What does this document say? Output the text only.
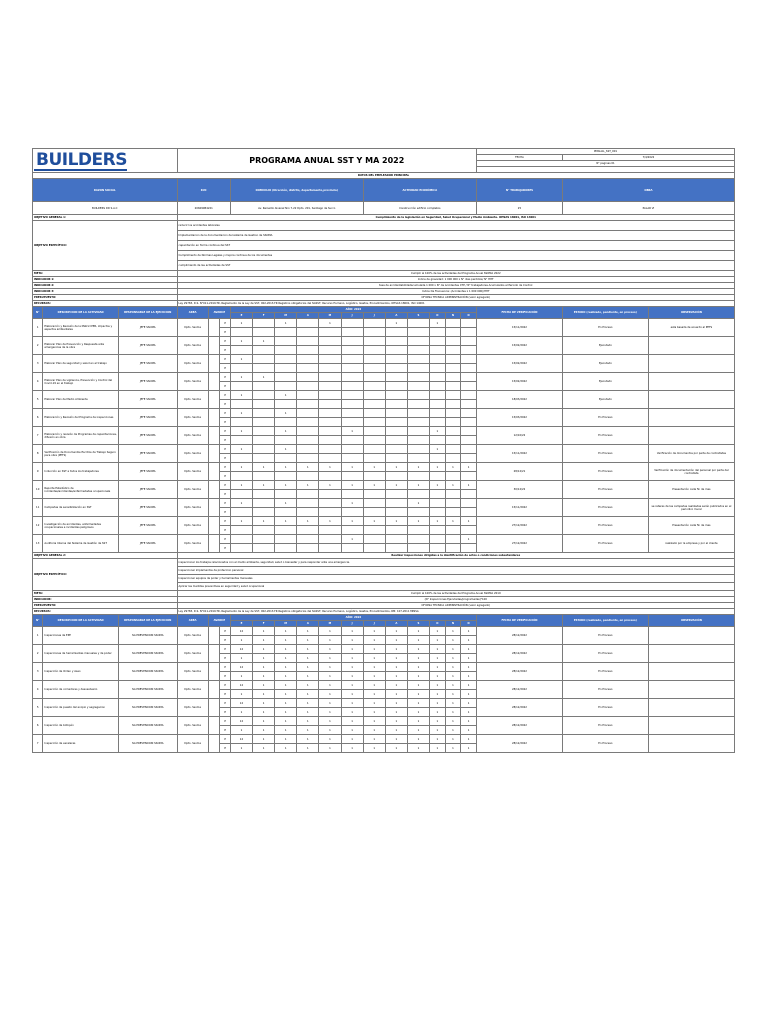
BUILDERS			PROGRAMA ANUAL SST Y MA 2022															PMAUAL_SST_001		
																		FECHA	7/4/2022	
																		N° paginas 01		

DATOS DEL EMPLEADOR PRINCIPAL																				
RAZON SOCIAL			RUC			DOMICILIO (Dirección, distrito, departamento,provincia)						ACTIVIDAD ECONÓMICA						N° TRABAJADORES	OBRA	
BUILDERS DD S.A.C			20609984221			Av. Reinaldo Alvarez Nro 7-22 Dpto. 201, Santiago de Surco						Construcción edificio completos						25	PALAR VI	
OBJETIVO GENERAL 1:			Cumplimiento de la legislación en Seguridad, Salud Ocupacional y Medio Ambiente. OHSAS 18001, ISO 14001																	
OBJETIVO ESPECÍFICO:			reducir los accidentes laborales																	
			Implementacion de la documentacion del sistema de Gestion de SSOMA																	
			capacitación en forma continua del SST																	
			Cumplimiento de Normas Legales y mejora continua de los documentes																	
			cumplimiento de las actividades de SST																	
META:			Cumplir al 100% de las actividades del Programa Anual SSOMA 2022																	
INDICADOR 1:			Indice de gravedad: 1 000 000 x N° dias perdidos/ N° HHT																	
INDICADOR 2:			tasa de accidentabilidadacumulada 1 000 x N° de Accidentes CTP / N° trabajadores Acumulados al Periodo de Control																	
INDICADOR 3:			Indice De Frecuencia: (Accidentes x 1 000 000)/HHT																	
PRESUPUESTO:			OFICINA TECNICA ADMINISTRACIÓN (valor agregado)																	
RECURSOS:			Ley 29783, D.S. N°011-2019-TR, Reglamento de la Ley de SST, 002-2013-TR Registros obligatorios del SGSST; Recurso Humano, Logístico, Gastos, Procedimientos, OHSAS 18001, ISO 14001																	
N°	DESCRIPCION DE LA ACTIVIDAD	RESPONSABLE DE LA EJECUCION	AREA	AVANCE		AÑO: 2022												FECHA DE VERIFICACIÓN	ESTADO (realizado, pendiente, en proceso)	OBSERVACIÓN
						E	F	M	A	M	J	J	A	S	O	N	D			
1	Elaboración y Revisión de la Matriz IPER, impactos y aspectos ambientales	JEFE SSOMA	Dpto. Ssoma		P	1		1		1			1		1			15/11/2022	En Proceso	esta basada de acuerdo al PETS
					E															
2	Elaborar Plan de Prevención y Respuesta ante emergencias de la obra	JEFE SSOMA	Dpto. Ssoma		P	1	1											15/02/2022	Ejecutado	
					E															
3	Elaborar Plan de seguridad y salud en el trabajo	JEFE SSOMA	Dpto. Ssoma		P	1												15/02/2022	Ejecutado	
					E															
4	Elaborar Plan de vigilancia, Prevención y Control del Covid-19 en el trabajo	JEFE SSOMA	Dpto. Ssoma		P	1	1											15/02/2022	Ejecutado	
					E															
5	Elaborar Plan de Medio Ambiente	JEFE SSOMA	Dpto. Ssoma		P	1		1										18/03/2022	Ejecutado	
					E															
6	Elaboración y Revisión del Programa de inspecciones	JEFE SSOMA	Dpto. Ssoma		P	1		1										15/03/2022	En Proceso	
					E															
7	Elaboración y revisión de Programas de capacitaciones, difusión en obra	JEFE SSOMA	Dpto. Ssoma		P	1		1			1				1			12/10/22	En Proceso	
					E															
8	Verificación de Documentos Escritos de Trabajo Seguro para obra (PETS)	JEFE SSOMA	Dpto. Ssoma		P	1		1							1			15/11/2022	En Proceso	Verificación de documentos por parte de contratistas
					E															
9	Inducción en SST a todos los trabajadores	JEFE SSOMA	Dpto. Ssoma		P	1	1	1	1	1	1	1	1	1	1	1	1	28/12/21	En Proceso	Verificación de documentación del personal por parte del contratista
					E															
10	Reporte Estadístico de incidentes/accidentes/enfermedades ocupacionale	JEFE SSOMA	Dpto. Ssoma		P	1	1	1	1	1	1	1	1	1	1	1	1	30/12/22	En Proceso	Presentación cada fin de mes
					E															
11	Campañas de sensibilización en SST	JEFE SSOMA	Dpto. Ssoma		P	1		1			1			1				15/11/2022	En Proceso	se reteras de las campañas realizadas serán publicados en el periodico mural
					E															
12	Investigación de accidentes, enfermedades ocupacionales e incidentes peligrosos	JEFE SSOMA	Dpto. Ssoma		P	1	1	1	1	1	1	1	1	1	1	1	1	27/12/2022	En Proceso	Presentación cada fin de mes
					E															
13	Auditoria Interna del Sistema de Gestión de SST	JEFE SSOMA	Dpto. Ssoma		P						1						1	27/12/2022	En Proceso	realizado por la empresa y por el cliente
					E															
OBJETIVO GENERAL 2:			Realizar inspecciones dirigidas a la identificación de actos o condiciones subestandares																	
OBJETIVO ESPECÍFICO:			inspeccionar los trabajos relacionados con el medio ambiente, seguridad, salud o bienestar y para responder ante una emergencia.																	
			Inspeccionar implementos de proteccion personal																	
			Inspeccionar equipos de poder y herramientas manuales																	
			Aplicar las medidas preventivas en seguridad y salud ocupacional																	
META:			Cumplir al 100% de las actividades del Programa Anual SSOMA 2019																	
INDICADOR:			(N° Inspecciones Ejecutadas/programadas)*100																	
PRESUPUESTO:			OFICINA TECNICA ADMINISTRACIÓN (valor agregado)																	
RECURSOS:			Ley 29783, D.S. N°011-2019-TR, Reglamento de la Ley de SST, 002-2013-TR Registros obligatorios del SGSST; Recurso Humano, Logístico, Gastos, Procedimientos, RM: 107-2011 MINSA																	
N°	DESCRIPCION DE LA ACTIVIDAD	RESPONSABLE DE LA EJECUCION	AREA	AVANCE		AÑO: 2022												FECHA DE VERIFICACIÓN	ESTADO (realizado, pendiente, en proceso)	OBSERVACIÓN
						E	F	M	A	M	J	J	A	S	O	N	D			
1	Inspecciones de EPP	SG PREVENCION SSOMA	Dpto. Ssoma		P	12	1	1	1	1	1	1	1	1	1	1	1	28/12/2022	En Proceso	
					E	1	1	1	1	1	1	1	1	1	1	1	1			
2	Inspecciones de herramientas manuales y de poder	SG PREVENCION SSOMA	Dpto. Ssoma		P	12	1	1	1	1	1	1	1	1	1	1	1	28/12/2022	En Proceso	
					E	1	1	1	1	1	1	1	1	1	1	1	1			
3	Inspección de Orden y Aseo	SG PREVENCION SSOMA	Dpto. Ssoma		P	12	1	1	1	1	1	1	1	1	1	1	1	28/12/2022	En Proceso	
					E	1	1	1	1	1	1	1	1	1	1	1	1			
4	Inspección de comedores y desvestuario	SG PREVENCION SSOMA	Dpto. Ssoma		P	12	1	1	1	1	1	1	1	1	1	1	1	28/12/2022	En Proceso	
					E	1	1	1	1	1	1	1	1	1	1	1	1			
5	Inspección de puesto del acopio y segregacion	SG PREVENCION SSOMA	Dpto. Ssoma		P	12	1	1	1	1	1	1	1	1	1	1	1	28/12/2022	En Proceso	
					E	1	1	1	1	1	1	1	1	1	1	1	1			
6	Inspección de botiquín	SG PREVENCION SSOMA	Dpto. Ssoma		P	12	1	1	1	1	1	1	1	1	1	1	1	28/12/2022	En Proceso	
					E	1	1	1	1	1	1	1	1	1	1	1	1			
7	Inspección de escaleras	SG PREVENCION SSOMA	Dpto. Ssoma		P	12	1	1	1	1	1	1	1	1	1	1	1	28/12/2022	En Proceso	
					E	1	1	1	1	1	1	1	1	1	1	1	1			
